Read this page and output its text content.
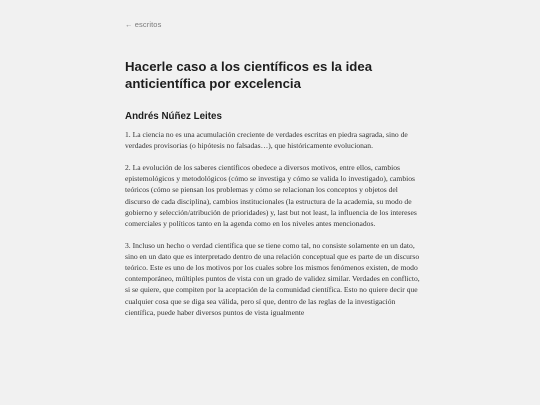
← escritos
Hacerle caso a los científicos es la idea anticientífica por excelencia
Andrés Núñez Leites

1. La ciencia no es una acumulación creciente de verdades escritas en piedra sagrada, sino de verdades provisorias (o hipótesis no falsadas…), que históricamente evolucionan.

2. La evolución de los saberes científicos obedece a diversos motivos, entre ellos, cambios epistemológicos y metodológicos (cómo se investiga y cómo se valida lo investigado), cambios teóricos (cómo se piensan los problemas y cómo se relacionan los conceptos y objetos del discurso de cada disciplina), cambios institucionales (la estructura de la academia, su modo de gobierno y selección/atribución de prioridades) y, last but not least, la influencia de los intereses comerciales y políticos tanto en la agenda como en los niveles antes mencionados.

3. Incluso un hecho o verdad científica que se tiene como tal, no consiste solamente en un dato, sino en un dato que es interpretado dentro de una relación conceptual que es parte de un discurso teórico. Este es uno de los motivos por los cuales sobre los mismos fenómenos existen, de modo contemporáneo, múltiples puntos de vista con un grado de validez similar. Verdades en conflicto, si se quiere, que compiten por la aceptación de la comunidad científica. Esto no quiere decir que cualquier cosa que se diga sea válida, pero sí que, dentro de las reglas de la investigación científica, puede haber diversos puntos de vista igualmente
